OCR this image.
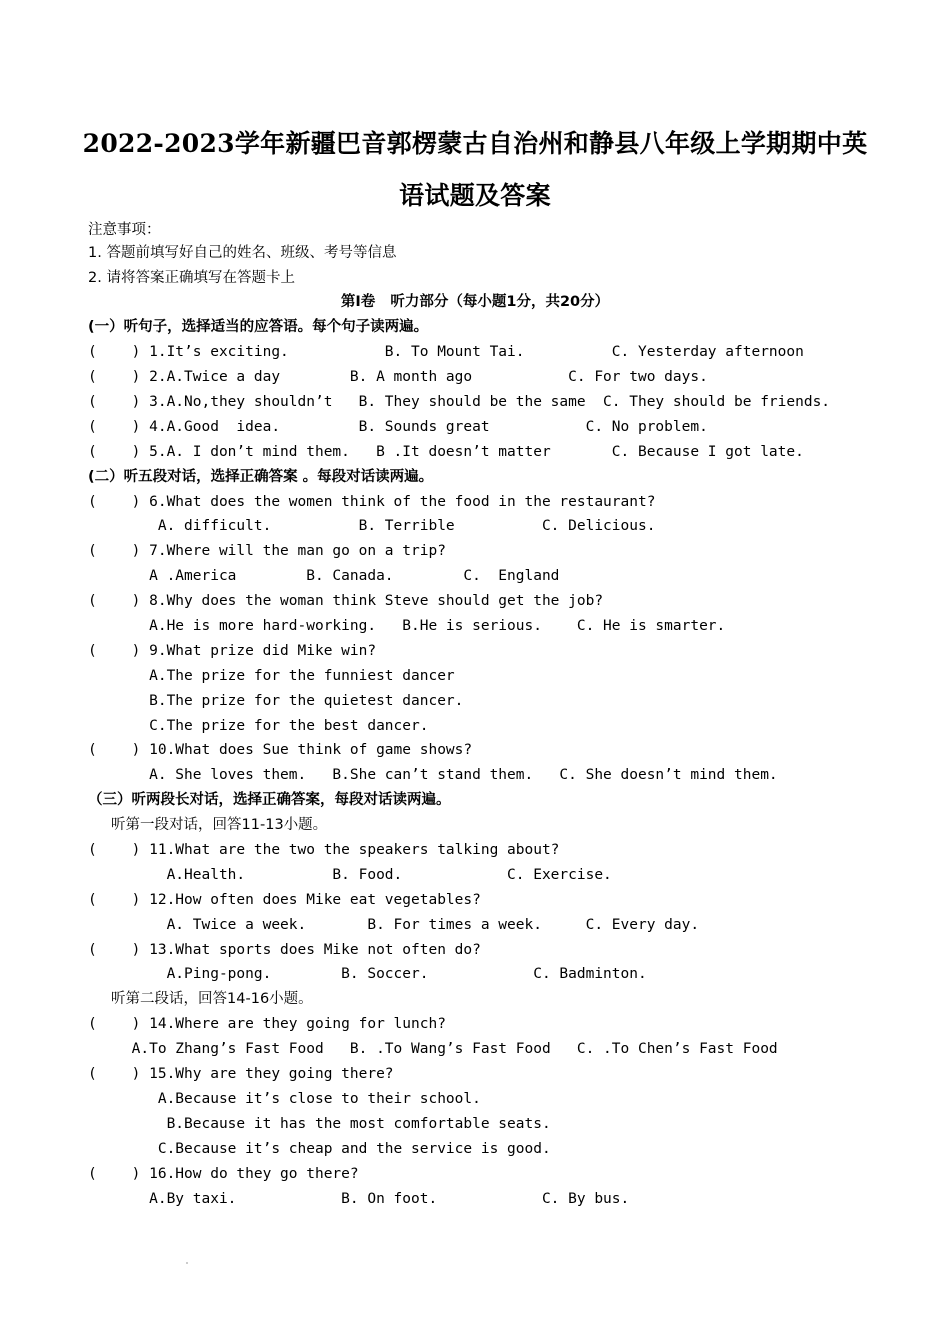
2022-2023学年新疆巴音郭楞蒙古自治州和静县八年级上学期期中英
语试题及答案
注意事项：
1. 答题前填写好自己的姓名、班级、考号等信息
2. 请将答案正确填写在答题卡上
第Ⅰ卷   听力部分（每小题1分，共20分）
(一）听句子，选择适当的应答语。每个句子读两遍。
(    ) 1.It’s exciting.           B. To Mount Tai.          C. Yesterday afternoon
(    ) 2.A.Twice a day        B. A month ago           C. For two days.
(    ) 3.A.No,they shouldn’t   B. They should be the same  C. They should be friends.
(    ) 4.A.Good  idea.         B. Sounds great           C. No problem.
(    ) 5.A. I don’t mind them.   B .It doesn’t matter       C. Because I got late.
(二）听五段对话，选择正确答案 。每段对话读两遍。
(    ) 6.What does the women think of the food in the restaurant?
A. difficult.          B. Terrible          C. Delicious.
(    ) 7.Where will the man go on a trip?
A .America        B. Canada.        C.  England
(    ) 8.Why does the woman think Steve should get the job?
A.He is more hard-working.   B.He is serious.    C. He is smarter.
(    ) 9.What prize did Mike win?
A.The prize for the funniest dancer
B.The prize for the quietest dancer.
C.The prize for the best dancer.
(    ) 10.What does Sue think of game shows?
A. She loves them.   B.She can’t stand them.   C. She doesn’t mind them.
（三）听两段长对话，选择正确答案，每段对话读两遍。
听第一段对话，回答11-13小题。
(    ) 11.What are the two the speakers talking about?
A.Health.          B. Food.            C. Exercise.
(    ) 12.How often does Mike eat vegetables?
A. Twice a week.       B. For times a week.     C. Every day.
(    ) 13.What sports does Mike not often do?
A.Ping-pong.        B. Soccer.            C. Badminton.
听第二段话，回答14-16小题。
(    ) 14.Where are they going for lunch?
A.To Zhang’s Fast Food   B. .To Wang’s Fast Food   C. .To Chen’s Fast Food
(    ) 15.Why are they going there?
A.Because it’s close to their school.
B.Because it has the most comfortable seats.
C.Because it’s cheap and the service is good.
(    ) 16.How do they go there?
A.By taxi.            B. On foot.            C. By bus.
